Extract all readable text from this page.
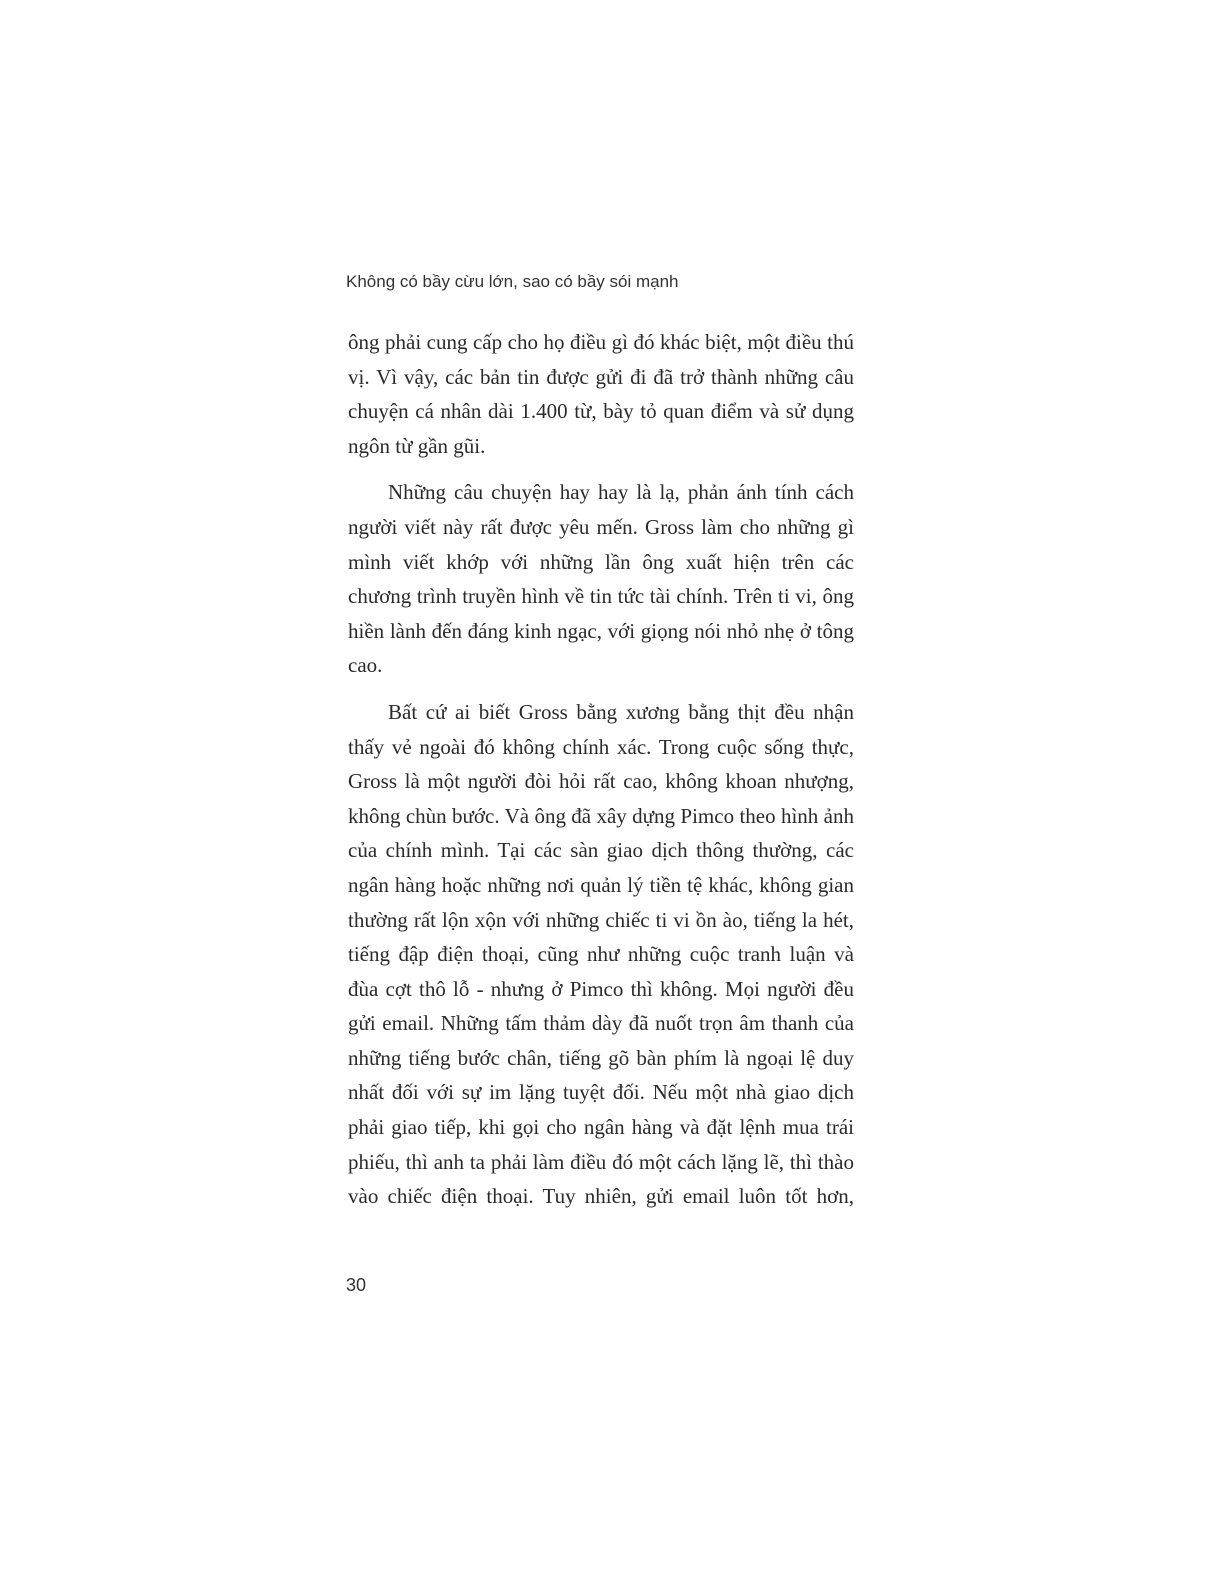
Không có bầy cừu lớn, sao có bầy sói mạnh

ông phải cung cấp cho họ điều gì đó khác biệt, một điều thú vị. Vì vậy, các bản tin được gửi đi đã trở thành những câu chuyện cá nhân dài 1.400 từ, bày tỏ quan điểm và sử dụng ngôn từ gần gũi.

Những câu chuyện hay hay là lạ, phản ánh tính cách người viết này rất được yêu mến. Gross làm cho những gì mình viết khớp với những lần ông xuất hiện trên các chương trình truyền hình về tin tức tài chính. Trên ti vi, ông hiền lành đến đáng kinh ngạc, với giọng nói nhỏ nhẹ ở tông cao.

Bất cứ ai biết Gross bằng xương bằng thịt đều nhận thấy vẻ ngoài đó không chính xác. Trong cuộc sống thực, Gross là một người đòi hỏi rất cao, không khoan nhượng, không chùn bước. Và ông đã xây dựng Pimco theo hình ảnh của chính mình. Tại các sàn giao dịch thông thường, các ngân hàng hoặc những nơi quản lý tiền tệ khác, không gian thường rất lộn xộn với những chiếc ti vi ồn ào, tiếng la hét, tiếng đập điện thoại, cũng như những cuộc tranh luận và đùa cợt thô lỗ - nhưng ở Pimco thì không. Mọi người đều gửi email. Những tấm thảm dày đã nuốt trọn âm thanh của những tiếng bước chân, tiếng gõ bàn phím là ngoại lệ duy nhất đối với sự im lặng tuyệt đối. Nếu một nhà giao dịch phải giao tiếp, khi gọi cho ngân hàng và đặt lệnh mua trái phiếu, thì anh ta phải làm điều đó một cách lặng lẽ, thì thào vào chiếc điện thoại. Tuy nhiên, gửi email luôn tốt hơn,

30
